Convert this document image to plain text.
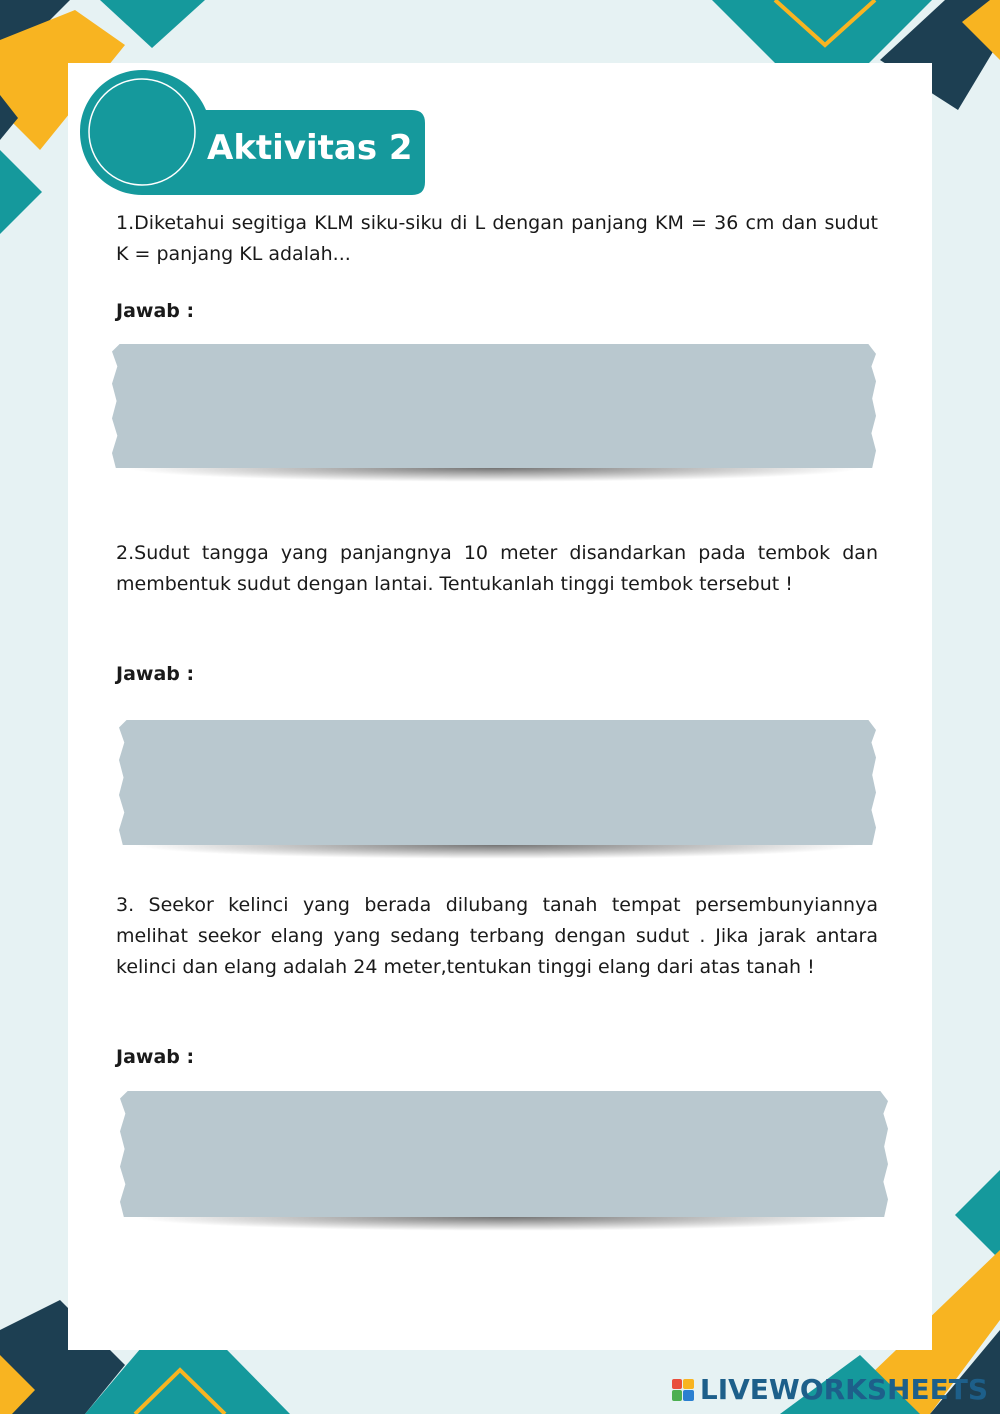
Aktivitas 2
1.Diketahui segitiga KLM siku-siku di L dengan panjang KM = 36 cm dan sudut K = panjang KL adalah...
Jawab :
2.Sudut tangga yang panjangnya 10 meter disandarkan pada tembok dan membentuk sudut dengan lantai. Tentukanlah tinggi tembok tersebut !
Jawab :
3. Seekor kelinci yang berada dilubang tanah tempat persembunyiannya melihat seekor elang yang sedang terbang dengan sudut . Jika jarak antara kelinci dan elang adalah 24 meter,tentukan tinggi elang dari atas tanah !
Jawab :
LIVEWORKSHEETS
